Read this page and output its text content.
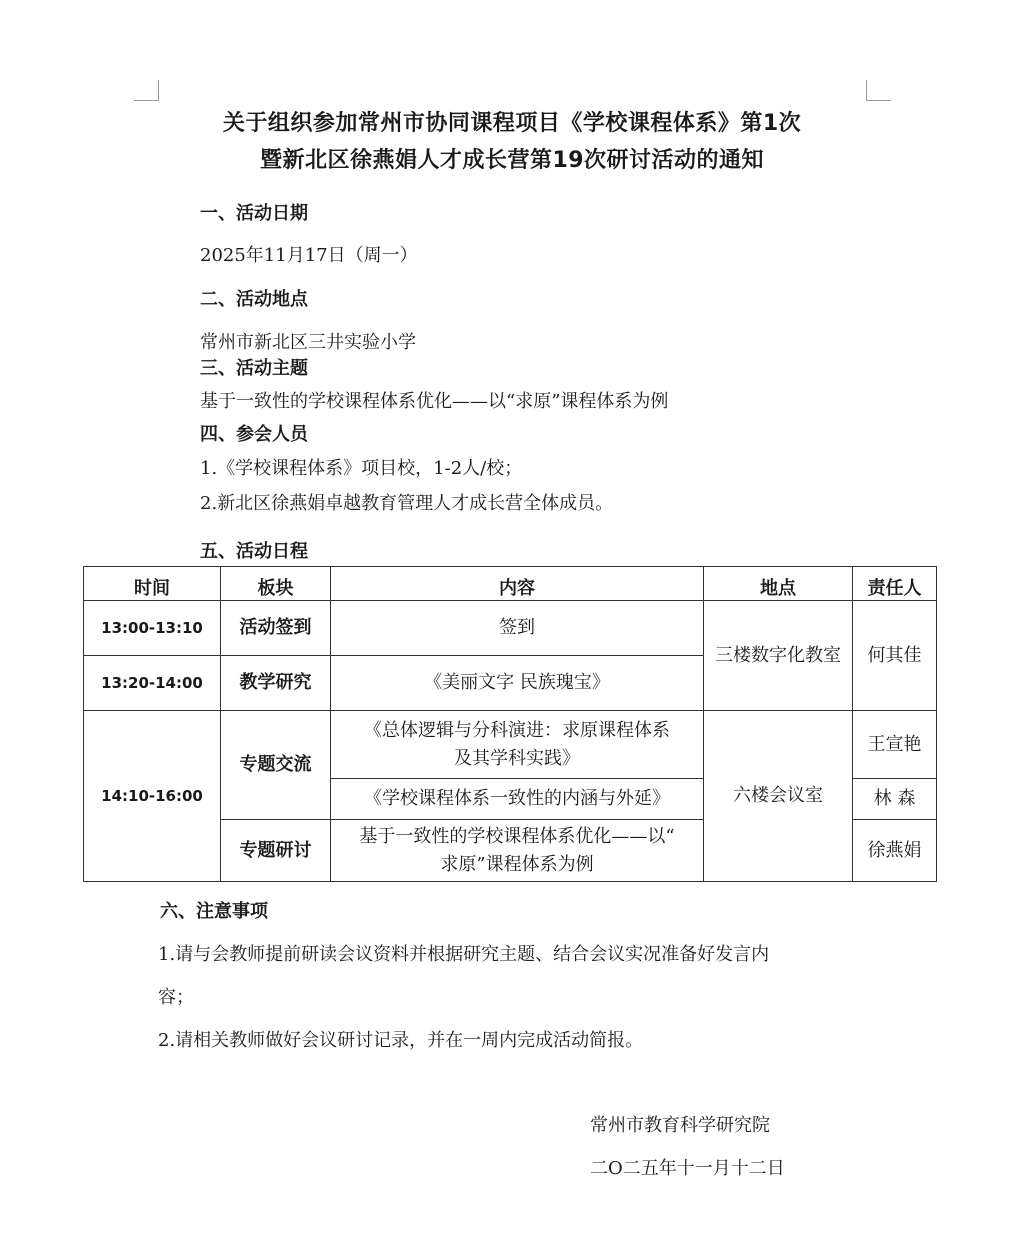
关于组织参加常州市协同课程项目《学校课程体系》第1次
暨新北区徐燕娟人才成长营第19次研讨活动的通知
一、活动日期
2025年11月17日（周一）
二、活动地点
常州市新北区三井实验小学
三、活动主题
基于一致性的学校课程体系优化——以“求原”课程体系为例
四、参会人员
1.《学校课程体系》项目校，1-2人/校；
2.新北区徐燕娟卓越教育管理人才成长营全体成员。
五、活动日程
时间	板块	内容	地点	责任人
13:00-13:10	活动签到	签到	三楼数字化教室	何其佳
13:20-14:00	教学研究	《美丽文字 民族瑰宝》		
14:10-16:00	专题交流	《总体逻辑与分科演进：求原课程体系
及其学科实践》	六楼会议室	王宣艳
		《学校课程体系一致性的内涵与外延》		林 森
	专题研讨	基于一致性的学校课程体系优化——以“
求原”课程体系为例		徐燕娟

六、注意事项
1.请与会教师提前研读会议资料并根据研究主题、结合会议实况准备好发言内
容；
2.请相关教师做好会议研讨记录，并在一周内完成活动简报。
常州市教育科学研究院
二O二五年十一月十二日
